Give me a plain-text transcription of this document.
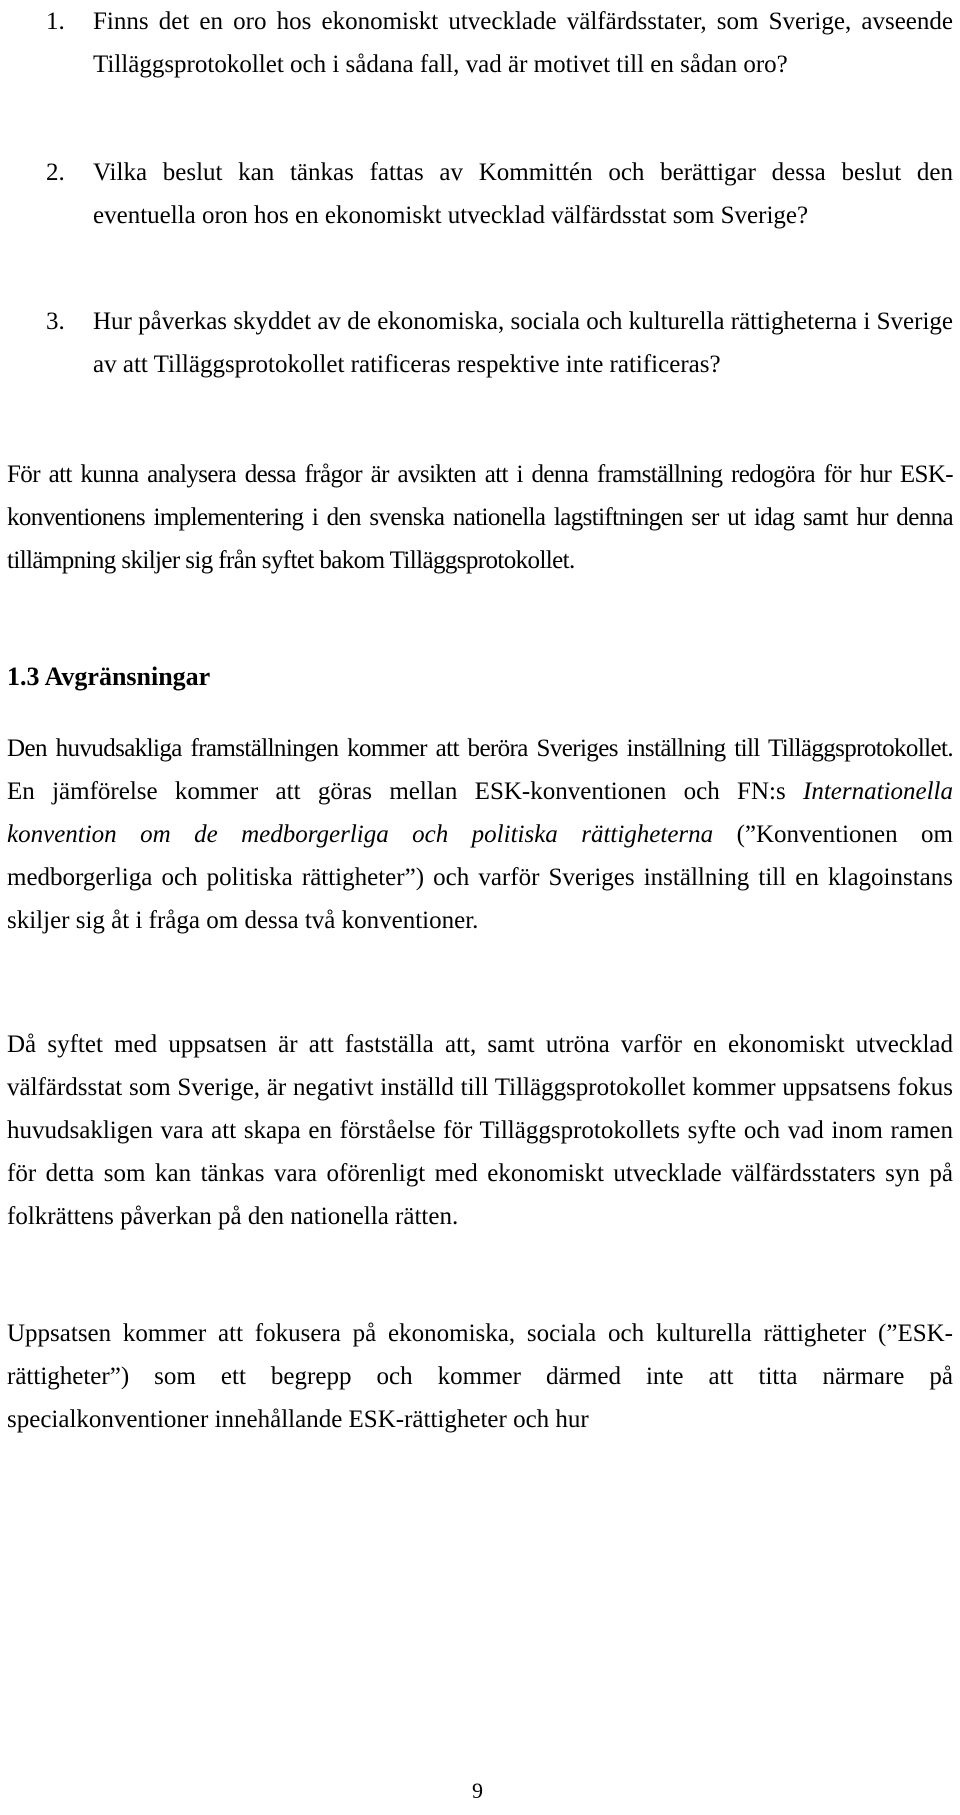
1. Finns det en oro hos ekonomiskt utvecklade välfärdsstater, som Sverige, avseende Tilläggsprotokollet och i sådana fall, vad är motivet till en sådan oro?
2. Vilka beslut kan tänkas fattas av Kommittén och berättigar dessa beslut den eventuella oron hos en ekonomiskt utvecklad välfärdsstat som Sverige?
3. Hur påverkas skyddet av de ekonomiska, sociala och kulturella rättigheterna i Sverige av att Tilläggsprotokollet ratificeras respektive inte ratificeras?

För att kunna analysera dessa frågor är avsikten att i denna framställning redogöra för hur ESK-konventionens implementering i den svenska nationella lagstiftningen ser ut idag samt hur denna tillämpning skiljer sig från syftet bakom Tilläggsprotokollet.

1.3 Avgränsningar

Den huvudsakliga framställningen kommer att beröra Sveriges inställning till Tilläggsprotokollet. En jämförelse kommer att göras mellan ESK-konventionen och FN:s Internationella konvention om de medborgerliga och politiska rättigheterna (”Konventionen om medborgerliga och politiska rättigheter”) och varför Sveriges inställning till en klagoinstans skiljer sig åt i fråga om dessa två konventioner.

Då syftet med uppsatsen är att fastställa att, samt utröna varför en ekonomiskt utvecklad välfärdsstat som Sverige, är negativt inställd till Tilläggsprotokollet kommer uppsatsens fokus huvudsakligen vara att skapa en förståelse för Tilläggsprotokollets syfte och vad inom ramen för detta som kan tänkas vara oförenligt med ekonomiskt utvecklade välfärdsstaters syn på folkrättens påverkan på den nationella rätten.

Uppsatsen kommer att fokusera på ekonomiska, sociala och kulturella rättigheter (”ESK-rättigheter”) som ett begrepp och kommer därmed inte att titta närmare på specialkonventioner innehållande ESK-rättigheter och hur

9
